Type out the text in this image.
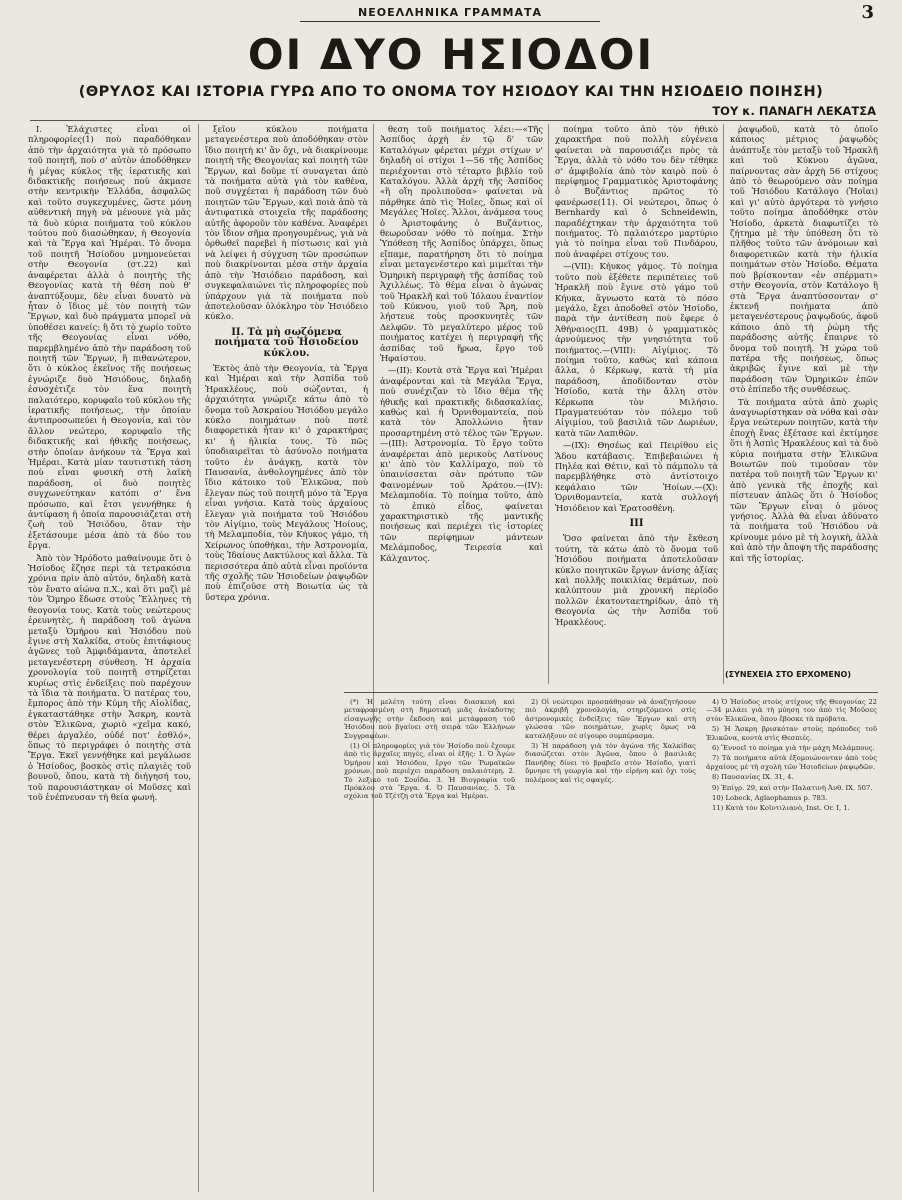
ΝΕΟΕΛΛΗΝΙΚΑ ΓΡΑΜΜΑΤΑ	3
ΟΙ ΔΥΟ ΗΣΙΟΔΟΙ
(ΘΡΥΛΟΣ ΚΑΙ ΙΣΤΟΡΙΑ ΓΥΡΩ ΑΠΟ ΤΟ ΟΝΟΜΑ ΤΟΥ ΗΣΙΟΔΟΥ ΚΑΙ ΤΗΝ ΗΣΙΟΔΕΙΟ ΠΟΙΗΣΗ)
ΤΟΥ κ. ΠΑΝΑΓΗ ΛΕΚΑΤΣΑ

Ι. Ἐλάχιστες εἶναι οἱ πληροφορίες(1) ποὺ παραδόθηκαν ἀπὸ τὴν ἀρχαιότητα γιὰ τὸ πρόσωπο τοῦ ποιητῆ, ποὺ σ' αὐτὸν ἀποδόθηκεν ἡ μέγας κύκλος τῆς ἱερατικῆς καὶ διδακτικῆς ποιήσεως ποὺ ἀκμασε στὴν κεντρικὴν Ἑλλάδα, ἀσφαλῶς καὶ τοῦτο συγκεχυμένες, ὥστε μόνη αὐθεντικὴ πηγὴ νὰ μένουνε γιὰ μᾶς τὰ δυὸ κύρια ποιήματα τοῦ κύκλου τούτου ποὺ διασώθηκαν, ἡ Θεογονία καὶ τὰ Ἔργα καὶ Ἡμέραι. Τὸ ὄνομα τοῦ ποιητῆ Ἡσίοδου μνημονεύεται στὴν Θεογονία (στ.22) καὶ ἀναφέρεται ἀλλὰ ὁ ποιητὴς τῆς Θεογονίας κατὰ τὴ θέση ποὺ θ' ἀναπτύξουμε, δὲν εἶναι δυνατὸ νὰ ἦταν ὁ ἴδιος μὲ τὸν ποιητὴ τῶν Ἔργων, καὶ δυὸ πράγματα μπορεῖ νὰ ὑποθέσει κανείς: ἢ ὅτι τὸ χωρίο τοῦτο τῆς Θεογονίας εἶναι νόθο, παρεμβλημένο ἀπὸ τὴν παράδοση τοῦ ποιητῆ τῶν Ἔργων, ἢ πιθανώτερον, ὅτι ὁ κύκλος ἐκεῖνος τῆς ποιήσεως ἐγνώριζε δυὸ Ἡσιόδους, δηλαδὴ ἐσυσχέτιζε τὸν ἕνα ποιητὴ παλαιότερο, κορυφαῖο τοῦ κύκλου τῆς ἱερατικῆς ποιήσεως, τὴν ὁποίαν ἀντιπροσωπεύει ἡ Θεογονία, καὶ τὸν ἄλλον νεώτερο, κορυφαῖο τῆς διδακτικῆς καὶ ἠθικῆς ποιήσεως, στὴν ὁποίαν ἀνήκουν τὰ Ἔργα καὶ Ἡμέραι. Κατὰ μίαν ταυτιστικὴ τάση ποὺ εἶναι φυσικὴ στὴ λαϊκὴ παράδοση, οἱ δυὸ ποιητὲς συγχωνεύτηκαν κατόπι σ' ἕνα πρόσωπο, καὶ ἔτσι γεννήθηκε ἡ ἀντίφαση ἡ ὁποία παρουσιάζεται στὴ ζωὴ τοῦ Ἡσιόδου, ὅταν τὴν ἐξετάσουμε μέσα ἀπὸ τὰ δύο του ἔργα.

Ἀπὸ τὸν Ἡρόδοτο μαθαίνουμε ὅτι ὁ Ἡσίοδος ἔζησε περὶ τὰ τετρακόσια χρόνια πρὶν ἀπὸ αὐτόν, δηλαδὴ κατὰ τὸν ἔνατο αἰώνα π.Χ., καὶ ὅτι μαζὶ μὲ τὸν Ὅμηρο ἔδωσε στοὺς Ἕλληνες τὴ θεογονία τους. Κατὰ τοὺς νεώτερους ἐρευνητὲς, ἡ παράδοση τοῦ ἀγώνα μεταξὺ Ὁμήρου καὶ Ἡσιόδου ποὺ ἔγινε στὴ Χαλκίδα, στοὺς ἐπιτάφιους ἀγῶνες τοῦ Ἀμφιδάμαντα, ἀποτελεῖ μεταγενέστερη σύνθεση. Ἡ ἀρχαία χρονολογία τοῦ ποιητῆ στηρίζεται κυρίως στὶς ἐνδείξεις ποὺ παρέχουν τὰ ἴδια τὰ ποιήματα. Ὁ πατέρας του, ἔμπορος ἀπὸ τὴν Κύμη τῆς Αἰολίδας, ἐγκαταστάθηκε στὴν Ἄσκρη, κοντὰ στὸν Ἑλικῶνα, χωριὸ «χεῖμα κακό, θέρει ἀργαλέο, οὐδέ ποτ' ἐσθλό», ὅπως τὸ περιγράφει ὁ ποιητὴς στὰ Ἔργα. Ἐκεῖ γεννήθηκε καὶ μεγάλωσε ὁ Ἡσίοδος, βοσκὸς στὶς πλαγιὲς τοῦ βουνοῦ, ὅπου, κατὰ τὴ διήγησή του, τοῦ παρουσιάστηκαν οἱ Μοῦσες καὶ τοῦ ἐνέπνευσαν τὴ θεία φωνή.

ξεῖου κύκλου ποιήματα μεταγενέστερα ποὺ ἀποδόθηκαν στὸν ἴδιο ποιητὴ κι' ἂν ὄχι, νὰ διακρίνουμε ποιητὴ τῆς Θεογονίας καὶ ποιητὴ τῶν Ἔργων, καὶ δοῦμε τί συναγεται ἀπὸ τὰ ποιήματα αὐτὰ γιὰ τὸν καθένα, ποῦ συγχέεται ἡ παράδοση τῶν δυὸ ποιητῶν τῶν Ἔργων, καὶ ποιὰ ἀπὸ τὰ ἀντιφατικὰ στοιχεῖα τῆς παράδοσης αὐτῆς ἀφοροῦν τὸν καθένα. Ἀναφέρει τὸν ἴδιον σῆμα προηγουμένως, γιὰ νὰ ὀρθωθεῖ παρεβεὶ ἡ πίστωσις καὶ γιὰ νὰ λείψει ἡ σύγχυση τῶν προσώπων ποὺ διακρίνονται μέσα στὴν ἀρχαία ἀπὸ τὴν Ἡσιόδειο παράδοση, καὶ συγκεφαλαιώνει τὶς πληροφορίες ποὺ ὑπάρχουν γιὰ τὰ ποιήματα ποὺ ἀποτελοῦσαν ὁλόκληρο τὸν Ἡσιόδειο κύκλο.

ΙΙ. Τὰ μὴ σωζόμενα ποιήματα τοῦ Ἡσιοδείου κύκλου.

Ἐκτὸς ἀπὸ τὴν Θεογονία, τὰ Ἔργα καὶ Ἡμέραι καὶ τὴν Ἀσπίδα τοῦ Ἡρακλέους, ποὺ σώζονται, ἡ ἀρχαιότητα γνώριζε κάτω ἀπὸ τὸ ὄνομα τοῦ Ἀσκραίου Ἡσιόδου μεγάλο κύκλο ποιημάτων ποὺ ποτὲ διαφορετικὰ ἦταν κι' ὁ χαρακτήρας κι' ἡ ἡλικία τους. Τὸ πῶς ὑποδιαιρεῖται τὸ ἀσύνολο ποιήματα τοῦτο ἐν ἀνάγκῃ, κατὰ τὸν Παυσανία, ἀνθολογημένες ἀπὸ τὸν ἴδιο κάτοικο τοῦ Ἑλικῶνα, ποὺ ἔλεγαν πὼς τοῦ ποιητῆ μόνο τὰ Ἔργα εἶναι γνήσια. Κατὰ τοὺς ἀρχαίους ἔλεγαν γιὰ ποιήματα τοῦ Ἡσιόδου τὸν Αἰγίμιο, τοὺς Μεγάλους Ἠοίους, τὴ Μελαμποδία, τὸν Κήυκος γάμο, τὴ Χείρωνος ὑποθήκαι, τὴν Ἀστρονομία, τοὺς Ἰδαίους Δακτύλους καὶ ἄλλα. Τὰ περισσότερα ἀπὸ αὐτὰ εἶναι προϊόντα τῆς σχολῆς τῶν Ἡσιοδείων ῥαψῳδῶν ποὺ ἐπιζοῦσε στὴ Βοιωτία ὡς τὰ ὕστερα χρόνια.

θεση τοῦ ποιήματος λέει:—«Τῆς Ἀσπίδος ἀρχὴ ἐν τῷ δ' τῶν Καταλόγων φέρεται μέχρι στίχων ν' δηλαδὴ οἱ στίχοι 1—56 τῆς Ἀσπίδος περιέχονται στὸ τέταρτο βιβλίο τοῦ Καταλόγου. Ἀλλὰ ἀρχὴ τῆς Ἀσπίδος «ἢ οἵη προλιποῦσα» φαίνεται νὰ πάρθηκε ἀπὸ τὶς Ἠοῖες, ὅπως καὶ οἱ Μεγάλες Ἠοῖες. Ἄλλοι, ἀνάμεσα τους ὁ Ἀριστοφάνης ὁ Βυζάντιος, θεωροῦσαν νόθο τὸ ποίημα. Στὴν Ὑπόθεση τῆς Ἀσπίδος ὑπάρχει, ὅπως εἴπαμε, παρατήρηση ὅτι τὸ ποίημα εἶναι μεταγενέστερο καὶ μιμεῖται τὴν Ὁμηρικὴ περιγραφὴ τῆς ἀσπίδας τοῦ Ἀχιλλέως. Τὸ θέμα εἶναι ὁ ἀγώνας τοῦ Ἡρακλῆ καὶ τοῦ Ἰόλαου ἐναντίον τοῦ Κύκνου, γιοῦ τοῦ Ἄρη, ποὺ λήστευε τοὺς προσκυνητὲς τῶν Δελφῶν. Τὸ μεγαλύτερο μέρος τοῦ ποιήματος κατέχει ἡ περιγραφὴ τῆς ἀσπίδας τοῦ ἥρωα, ἔργο τοῦ Ἡφαίστου.

—(ΙΙ): Κοντὰ στὰ Ἔργα καὶ Ἡμέραι ἀναφέρονται καὶ τὰ Μεγάλα Ἔργα, ποὺ συνέχιζαν τὸ ἴδιο θέμα τῆς ἠθικῆς καὶ πρακτικῆς διδασκαλίας, καθὼς καὶ ἡ Ὀρνιθομαντεία, ποὺ κατὰ τὸν Ἀπολλώνιο ἦταν προσαρτημένη στὸ τέλος τῶν Ἔργων. —(ΙΙΙ): Ἀστρονομία. Τὸ ἔργο τοῦτο ἀναφέρεται ἀπὸ μερικοὺς Λατίνους κι' ἀπὸ τὸν Καλλίμαχο, ποὺ τὸ ὑπαινίσσεται σὰν πρότυπο τῶν Φαινομένων τοῦ Ἀράτου.—(IV): Μελαμποδία. Τὸ ποίημα τοῦτο, ἀπὸ τὸ ἐπικὸ εἶδος, φαίνεται χαρακτηριστικὸ τῆς μαντικῆς ποιήσεως καὶ περιέχει τὶς ἱστορίες τῶν περίφημων μάντεων Μελάμποδος, Τειρεσία καὶ Κάλχαντος.

ποίημα τοῦτο ἀπὸ τὸν ἠθικὸ χαρακτῆρα ποὺ πολλὴ εὐγένεια φαίνεται νὰ παρουσιάζει πρὸς τὰ Ἔργα, ἀλλὰ τὸ νόθο του δὲν τέθηκε σ' ἀμφιβολία ἀπὸ τὸν καιρὸ ποὺ ὁ περίφημος Γραμματικὸς Ἀριστοφάνης ὁ Βυζάντιος πρῶτος τὸ φανέρωσε(11). Οἱ νεώτεροι, ὅπως ὁ Bernhardy καὶ ὁ Schneidewin, παραδέχτηκαν τὴν ἀρχαιότητα τοῦ ποιήματος. Τὸ παλαιότερο μαρτύριο γιὰ τὸ ποίημα εἶναι τοῦ Πινδάρου, ποὺ ἀναφέρει στίχους του.

—(VII): Κήυκος γάμος. Τὸ ποίημα τοῦτο ποὺ ἐξέθετε περιπέτειες τοῦ Ἡρακλῆ ποὺ ἔγινε στὸ γάμο τοῦ Κήυκα, ἄγνωστο κατὰ τὸ πόσο μεγάλο, ἔχει ἀποδοθεῖ στὸν Ἡσίοδο, παρὰ τὴν ἀντίθεση ποὺ ἔφερε ὁ Ἀθήναιος(Π. 49Β) ὁ γραμματικὸς ἀρνούμενος τὴν γνησιότητα τοῦ ποιήματος.—(VIII): Αἰγίμιος. Τὸ ποίημα τοῦτο, καθὼς καὶ κάποια ἄλλα, ὁ Κέρκωψ, κατὰ τὴ μία παράδοση, ἀποδίδονταν στὸν Ἡσίοδο, κατὰ τὴν ἄλλη στὸν Κέρκωπα τὸν Μιλήσιο. Πραγματευόταν τὸν πόλεμο τοῦ Αἰγιμίου, τοῦ βασιλιᾶ τῶν Δωριέων, κατὰ τῶν Λαπιθῶν.

—(IX): Θησέως καὶ Πειρίθου εἰς Ἅδου κατάβασις. Ἐπιβεβαιώνει ἡ Πηλέα καὶ Θέτιν, καὶ τὸ πάμπολυ τὰ παρεμβλήθηκε στὸ ἀντίστοιχο κεφάλαιο τῶν Ἠοίων.—(Χ): Ὁρνιθομαντεία, κατὰ συλλογή Ἡσιόδειον καὶ Ἐρατοσθένη.

ΙΙΙ

Ὅσο φαίνεται ἀπὸ τὴν ἔκθεση τούτη, τὰ κάτω ἀπὸ τὸ ὄνομα τοῦ Ἡσιόδου ποιήματα ἀποτελοῦσαν κύκλο ποιητικῶν ἔργων ἀνίσης ἀξίας καὶ πολλῆς ποικιλίας θεμάτων, ποὺ καλύπτουν μιὰ χρονική περίοδο πολλῶν ἑκατονταετηρίδων, ἀπὸ τὴ Θεογονία ὡς τὴν Ἀσπίδα τοῦ Ἡρακλέους.

ῥαψῳδοῦ, κατὰ τὸ ὁποῖο κάποιος μέτριος ῥαψῳδὸς ἀνάπτυξε τὸν μεταξὺ τοῦ Ἡρακλῆ καὶ τοῦ Κύκνου ἀγῶνα, παίρνοντας σὰν ἀρχὴ 56 στίχους ἀπὸ τὸ θεωρούμενο σὰν ποίημα τοῦ Ἡσιόδου Κατάλογο (Ἠοῖαι) καὶ γι' αὐτὸ ἀργότερα τὸ γνήσιο τοῦτο ποίημα ἀποδόθηκε στὸν Ἡσίοδο, ἀρκετὰ διαφωτίζει τὸ ζήτημα μὲ τὴν ὑπόθεση ὅτι τὸ πλῆθος τοῦτο τῶν ἀνόμοιων καὶ διαφορετικῶν κατὰ τὴν ἡλικία ποιημάτων στὸν Ἡσίοδο. Θέματα ποὺ βρίσκονταν «ἐν σπέρματι» στὴν Θεογονία, στὸν Κατάλογο ἢ στὰ Ἔργα ἀναπτύσσονταν σ' ἐκτενῆ ποιήματα ἀπὸ μεταγενέστερους ῥαψῳδούς, ἀφοῦ κάποιο ἀπὸ τὴ ῥώμη τῆς παράδοσης αὐτῆς ἔπαιρνε τὸ ὄνομα τοῦ ποιητῆ. Ἡ χώρα τοῦ πατέρα τῆς ποιήσεως, ὅπως ἀκριβῶς ἔγινε καὶ μὲ τὴν παράδοση τῶν Ὁμηρικῶν ἐπῶν στὸ ἐπίπεδο τῆς συνθέσεως.

Τὰ ποιήματα αὐτὰ ἀπὸ χωρὶς ἀναγνωρίστηκαν σὰ νόθα καὶ σὰν ἔργα νεώτερων ποιητῶν, κατὰ τὴν ἐποχὴ ἔνας ἐξέτασε καὶ ἐκτίμησε ὅτι ἡ Ἀσπὶς Ἡρακλέους καὶ τὰ δυὸ κύρια ποιήματα στὴν Ἑλικῶνα Βοιωτῶν ποὺ τιμοῦσαν τὸν πατέρα τοῦ ποιητῆ τῶν Ἔργων κι' ἀπὸ γενικὰ τῆς ἐποχῆς καὶ πίστευαν ἁπλῶς ὅτι ὁ Ἡσίοδος τῶν Ἔργων εἶναι ὁ μόνος γνήσιος. Ἀλλὰ θὰ εἶναι ἀδύνατο τὰ ποιήματα τοῦ Ἡσιόδου νὰ κρίνουμε μόνο μὲ τὴ λογικὴ, ἀλλὰ καὶ ἀπὸ τὴν ἄποψη τῆς παράδοσης καὶ τῆς ἱστορίας.

(ΣΥΝΕΧΕΙΑ ΣΤΟ ΕΡΧΟΜΕΝΟ)

(*) Ἡ μελέτη τούτη εἶναι διασκευὴ καὶ μεταφρασμένη στὴ δημοτικὴ μιᾶς ἀνέκδοτης εἰσαγωγῆς στὴν ἔκδοση καὶ μετάφραση τοῦ Ἡσιόδου ποὺ βγαίνει στὴ σειρὰ τῶν Ἑλλήνων Συγγραφέων.

(1) Οἱ πληροφορίες γιὰ τὸν Ἡσίοδο ποὺ ἔχουμε ἀπὸ τὶς ἀρχαῖες πηγές, εἶναι οἱ ἑξῆς: 1. Ὁ Ἀγὼν Ὁμήρου καὶ Ἡσιόδου, ἔργο τῶν Ῥωμαϊκῶν χρόνων, ποὺ περιέχει παράδοση παλαιότερη. 2. Τὸ λεξικὸ τοῦ Σουΐδα. 3. Ἡ Βιογραφία τοῦ Πρόκλου στὰ Ἔργα. 4. Ὁ Παυσανίας. 5. Τὰ σχόλια τοῦ Τζέτζη στὰ Ἔργα καὶ Ἡμέραι.

2) Οἱ νεώτεροι προσπάθησαν νὰ ἀναζητήσουν πιὸ ἀκριβῆ χρονολογία, στηριζόμενοι στὶς ἀστρονομικὲς ἐνδείξεις τῶν Ἔργων καὶ στὴ γλώσσα τῶν ποιημάτων, χωρὶς ὅμως νὰ καταλήξουν σὲ σίγουρο συμπέρασμα.

3) Ἡ παράδοση γιὰ τὸν ἀγώνα τῆς Χαλκίδας διασώζεται στὸν Ἀγῶνα, ὅπου ὁ βασιλιᾶς Πανήδης δίνει τὸ βραβεῖο στὸν Ἡσίοδο, γιατὶ ὕμνησε τὴ γεωργία καὶ τὴν εἰρήνη καὶ ὄχι τοὺς πολέμους καὶ τὶς σφαγές.

4) Ὁ Ἡσίοδος στοὺς στίχους τῆς Θεογονίας 22—34 μιλάει γιὰ τὴ μύηση του ἀπὸ τὶς Μοῦσες στὸν Ἑλικῶνα, ὅπου ἔβοσκε τὰ πρόβατα.

5) Ἡ Ἄσκρη βρισκόταν στοὺς πρόποδες τοῦ Ἑλικῶνα, κοντὰ στὶς Θεσπιές.

6) Ἔννοεῖ τὸ ποίημα γιὰ τὴν μάχη Μελάμπους.

7) Τὰ ποιήματα αὐτὰ ἐξομοιώνονταν ἀπὸ τοὺς ἀρχαίους μὲ τὴ σχολὴ τῶν Ἡσιοδείων ῥαψῳδῶν.

8) Παυσανίας ΙΧ. 31, 4.

9) Ἐπίγρ. 29, καὶ στὴν Παλατινὴ Ἀνθ. ΙΧ. 507.

10) Lobeck, Aglaophamus p. 783.

11) Κατὰ τὸν Κοϊντιλιανὸ, Inst. Or. Ι, 1.
